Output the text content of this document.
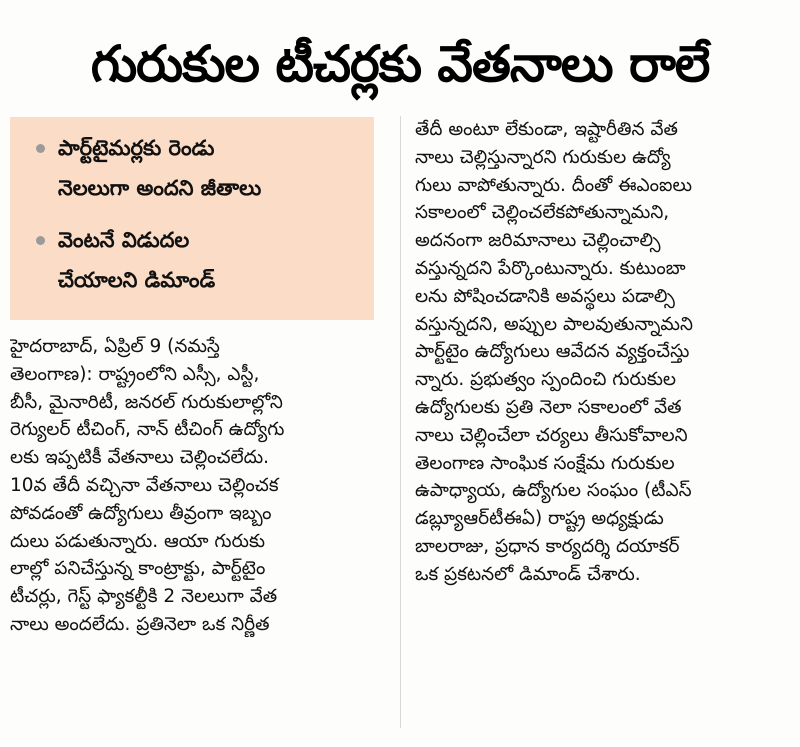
గురుకుల టీచర్లకు వేతనాలు రాలే
పార్ట్‌టైమర్లకు రెండు
నెలలుగా అందని జీతాలు
వెంటనే విడుదల
చేయాలని డిమాండ్
హైదరాబాద్, ఏప్రిల్ 9 (నమస్తే
తెలంగాణ): రాష్ట్రంలోని ఎస్సీ, ఎస్టీ,
బీసీ, మైనారిటీ, జనరల్ గురుకులాల్లోని
రెగ్యులర్ టీచింగ్, నాన్ టీచింగ్ ఉద్యోగు
లకు ఇప్పటికీ వేతనాలు చెల్లించలేదు.
10వ తేదీ వచ్చినా వేతనాలు చెల్లించక
పోవడంతో ఉద్యోగులు తీవ్రంగా ఇబ్బం
దులు పడుతున్నారు. ఆయా గురుకు
లాల్లో పనిచేస్తున్న కాంట్రాక్టు, పార్ట్‌టైం
టీచర్లు, గెస్ట్ ఫ్యాకల్టీకి 2 నెలలుగా వేత
నాలు అందలేదు. ప్రతినెలా ఒక నిర్ణీత
తేదీ అంటూ లేకుండా, ఇష్టారీతిన వేత
నాలు చెల్లిస్తున్నారని గురుకుల ఉద్యో
గులు వాపోతున్నారు. దీంతో ఈఎంఐలు
సకాలంలో చెల్లించలేకపోతున్నామని,
అదనంగా జరిమానాలు చెల్లించాల్సి
వస్తున్నదని పేర్కొంటున్నారు. కుటుంబా
లను పోషించడానికి అవస్థలు పడాల్సి
వస్తున్నదని, అప్పుల పాలవుతున్నామని
పార్ట్‌టైం ఉద్యోగులు ఆవేదన వ్యక్తంచేస్తు
న్నారు. ప్రభుత్వం స్పందించి గురుకుల
ఉద్యోగులకు ప్రతి నెలా సకాలంలో వేత
నాలు చెల్లించేలా చర్యలు తీసుకోవాలని
తెలంగాణ సాంఘిక సంక్షేమ గురుకుల
ఉపాధ్యాయ, ఉద్యోగుల సంఘం (టీఎస్
డబ్ల్యూఆర్‌టీఈఏ) రాష్ట్ర అధ్యక్షుడు
బాలరాజు, ప్రధాన కార్యదర్శి దయాకర్
ఒక ప్రకటనలో డిమాండ్ చేశారు.
